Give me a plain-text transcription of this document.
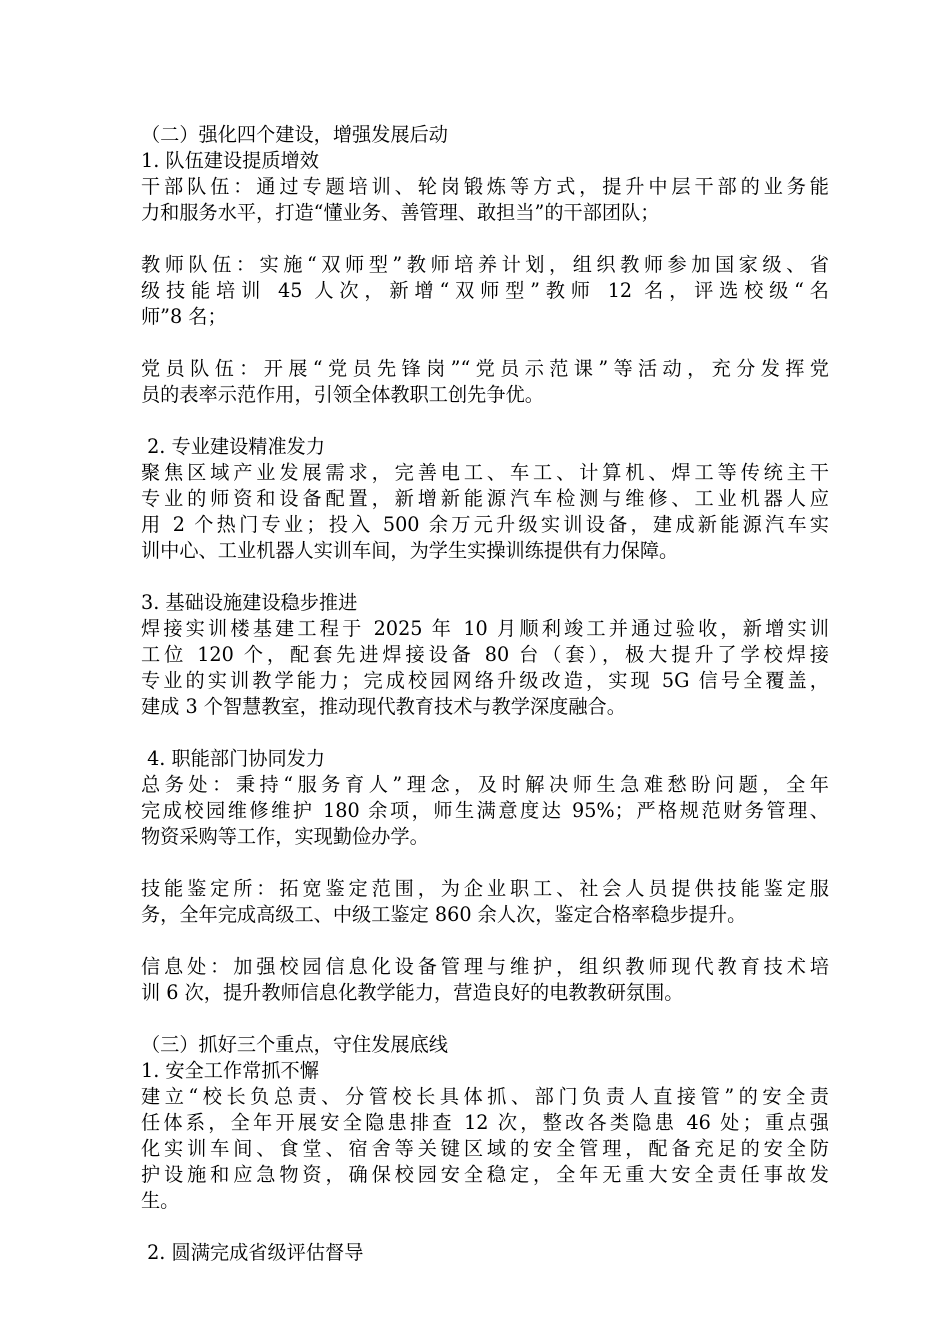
（二）强化四个建设，增强发展后动
1. 队伍建设提质增效
干部队伍：通过专题培训、轮岗锻炼等方式，提升中层干部的业务能
力和服务水平，打造“懂业务、善管理、敢担当”的干部团队；
教师队伍：实施“双师型”教师培养计划，组织教师参加国家级、省
级技能培训 45 人次，新增“双师型”教师 12 名，评选校级“名
师”8 名；
党员队伍：开展“党员先锋岗”“党员示范课”等活动，充分发挥党
员的表率示范作用，引领全体教职工创先争优。
2. 专业建设精准发力
聚焦区域产业发展需求，完善电工、车工、计算机、焊工等传统主干
专业的师资和设备配置，新增新能源汽车检测与维修、工业机器人应
用 2 个热门专业；投入 500 余万元升级实训设备，建成新能源汽车实
训中心、工业机器人实训车间，为学生实操训练提供有力保障。
3. 基础设施建设稳步推进
焊接实训楼基建工程于 2025 年 10 月顺利竣工并通过验收，新增实训
工位 120 个，配套先进焊接设备 80 台（套），极大提升了学校焊接
专业的实训教学能力；完成校园网络升级改造，实现 5G 信号全覆盖，
建成 3 个智慧教室，推动现代教育技术与教学深度融合。
4. 职能部门协同发力
总务处：秉持“服务育人”理念，及时解决师生急难愁盼问题，全年
完成校园维修维护 180 余项，师生满意度达 95%；严格规范财务管理、
物资采购等工作，实现勤俭办学。
技能鉴定所：拓宽鉴定范围，为企业职工、社会人员提供技能鉴定服
务，全年完成高级工、中级工鉴定 860 余人次，鉴定合格率稳步提升。
信息处：加强校园信息化设备管理与维护，组织教师现代教育技术培
训 6 次，提升教师信息化教学能力，营造良好的电教教研氛围。
（三）抓好三个重点，守住发展底线
1. 安全工作常抓不懈
建立“校长负总责、分管校长具体抓、部门负责人直接管”的安全责
任体系，全年开展安全隐患排查 12 次，整改各类隐患 46 处；重点强
化实训车间、食堂、宿舍等关键区域的安全管理，配备充足的安全防
护设施和应急物资，确保校园安全稳定，全年无重大安全责任事故发
生。
2. 圆满完成省级评估督导
